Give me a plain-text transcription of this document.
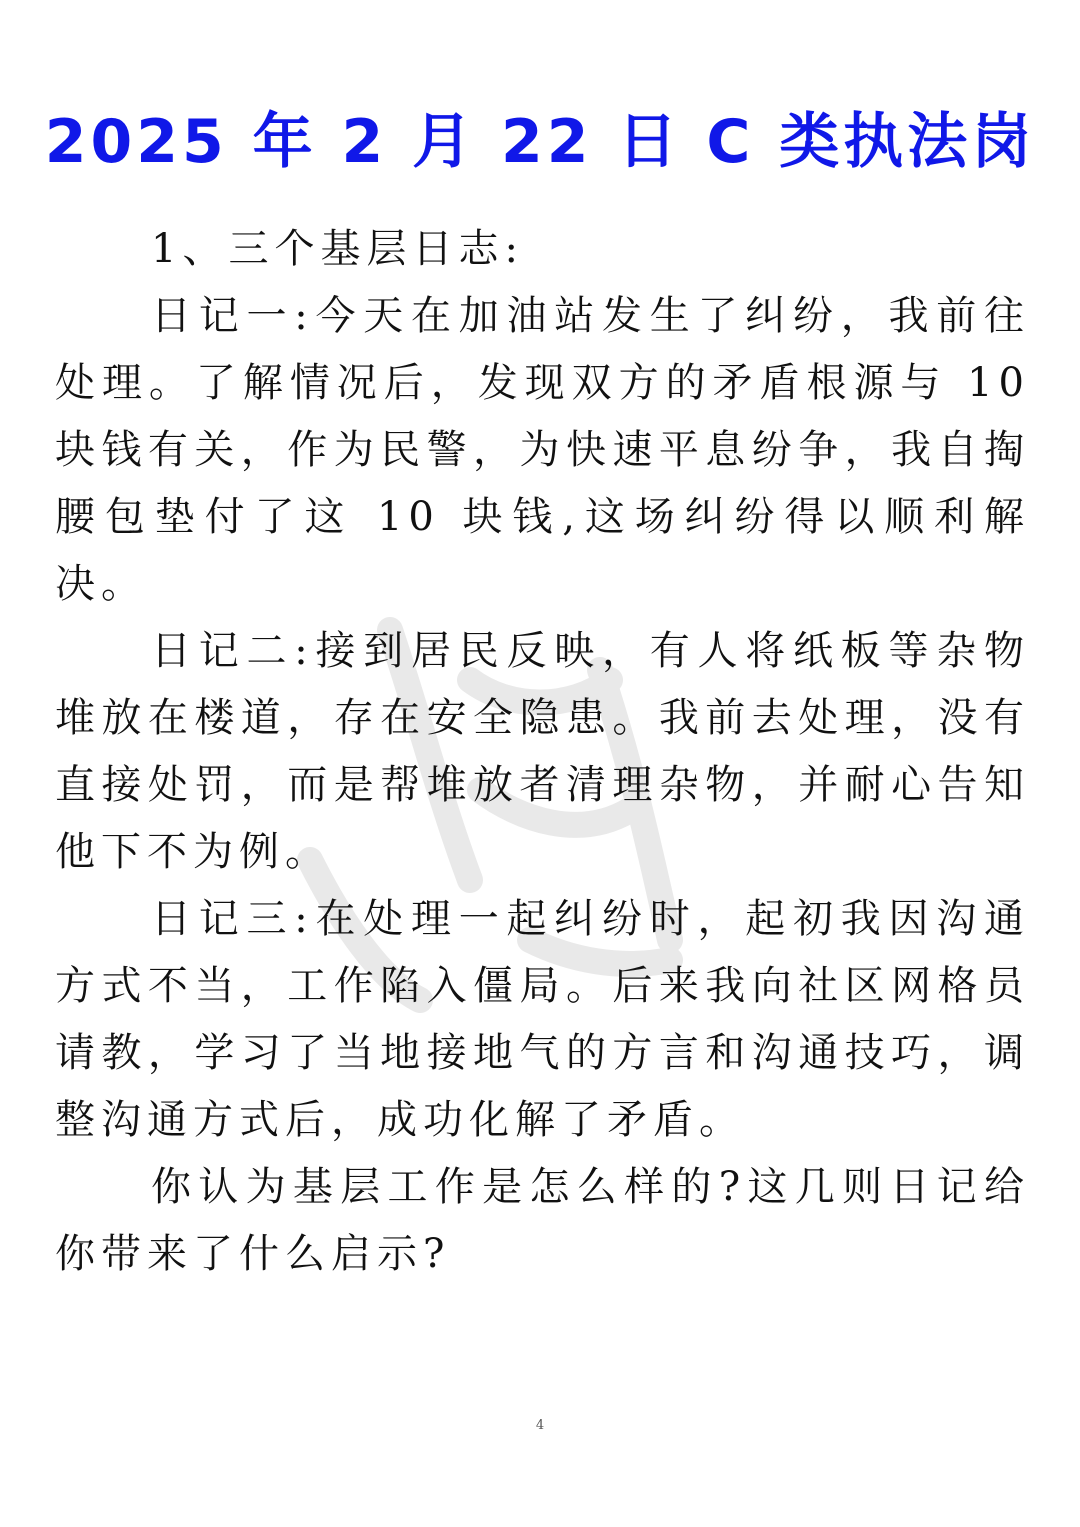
2025 年 2 月 22 日 C 类执法岗

1、三个基层日志:

日记一:今天在加油站发生了纠纷，我前往处理。了解情况后，发现双方的矛盾根源与 10 块钱有关，作为民警，为快速平息纷争，我自掏腰包垫付了这 10 块钱,这场纠纷得以顺利解决。

日记二:接到居民反映，有人将纸板等杂物堆放在楼道，存在安全隐患。我前去处理，没有直接处罚，而是帮堆放者清理杂物，并耐心告知他下不为例。

日记三:在处理一起纠纷时，起初我因沟通方式不当，工作陷入僵局。后来我向社区网格员请教，学习了当地接地气的方言和沟通技巧，调整沟通方式后，成功化解了矛盾。

你认为基层工作是怎么样的?这几则日记给你带来了什么启示?

4
